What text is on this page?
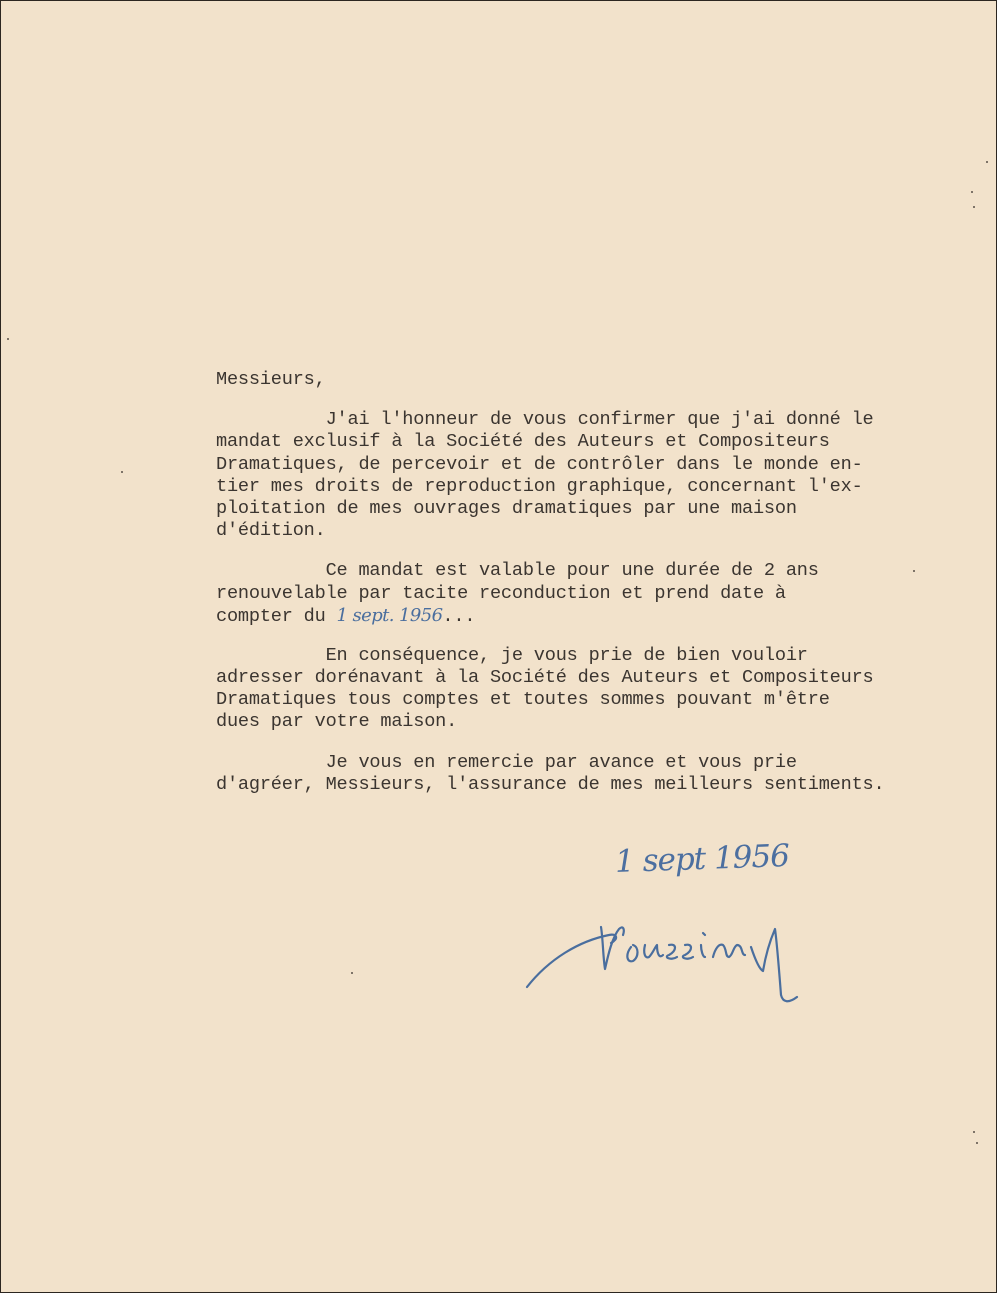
Messieurs,
J'ai l'honneur de vous confirmer que j'ai donné le
mandat exclusif à la Société des Auteurs et Compositeurs
Dramatiques, de percevoir et de contrôler dans le monde en-
tier mes droits de reproduction graphique, concernant l'ex-
ploitation de mes ouvrages dramatiques par une maison
d'édition.
Ce mandat est valable pour une durée de 2 ans
renouvelable par tacite reconduction et prend date à
compter du 1 sept. 1956...
En conséquence, je vous prie de bien vouloir
adresser dorénavant à la Société des Auteurs et Compositeurs
Dramatiques tous comptes et toutes sommes pouvant m'être
dues par votre maison.
Je vous en remercie par avance et vous prie
d'agréer, Messieurs, l'assurance de mes meilleurs sentiments.
1 sept 1956
